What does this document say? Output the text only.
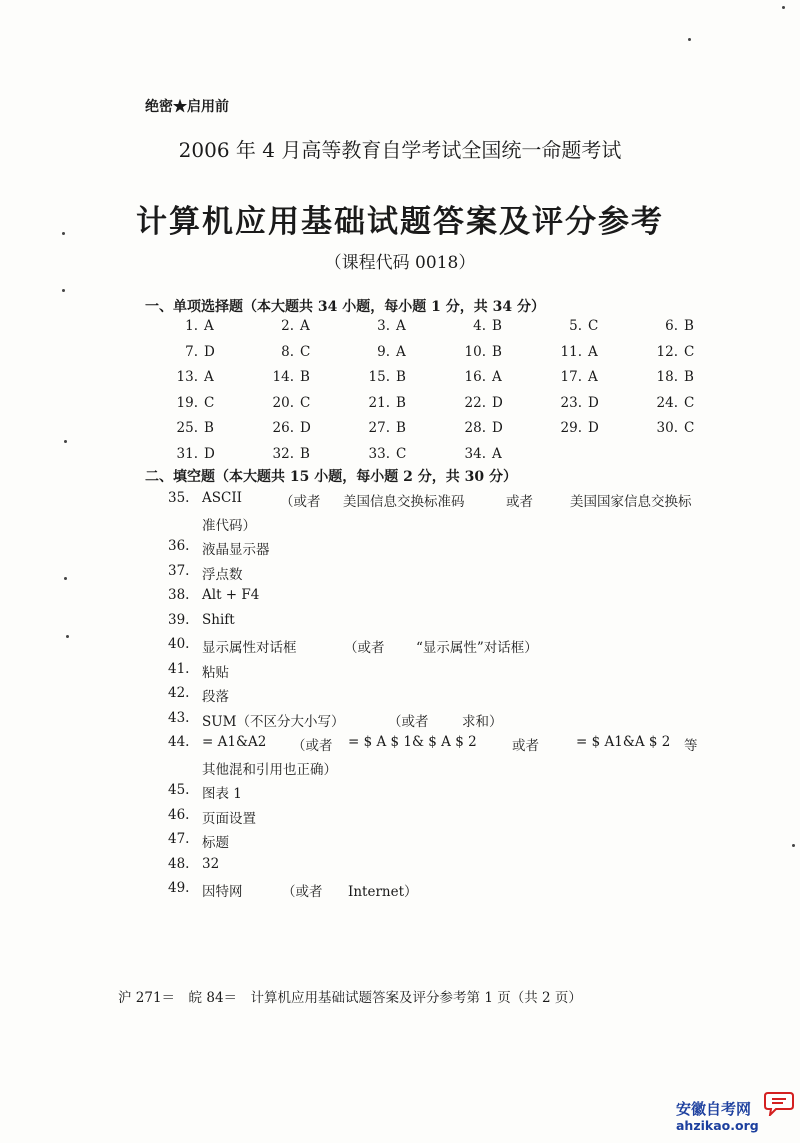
绝密★启用前
2006 年 4 月高等教育自学考试全国统一命题考试
计算机应用基础试题答案及评分参考
（课程代码 0018）
一、单项选择题（本大题共 34 小题，每小题 1 分，共 34 分）
1. A	2. A	3. A	4. B	5. C	6. B
7. D	8. C	9. A	10. B	11. A	12. C
13. A	14. B	15. B	16. A	17. A	18. B
19. C	20. C	21. B	22. D	23. D	24. C
25. B	26. D	27. B	28. D	29. D	30. C
31. D	32. B	33. C	34. A
二、填空题（本大题共 15 小题，每小题 2 分，共 30 分）
35. ASCII	（或者 美国信息交换标准码	或者	美国国家信息交换标
准代码）
36. 液晶显示器
37. 浮点数
38. Alt + F4
39. Shift
40. 显示属性对话框	（或者 “显示属性”对话框）
41. 粘贴
42. 段落
43. SUM（不区分大小写）	（或者 求和）
44. = A1&A2 （或者 = $ A $ 1& $ A $ 2	或者	= $ A1&A $ 2 等
其他混和引用也正确）
45. 图表 1
46. 页面设置
47. 标题
48. 32
49. 因特网	（或者 Internet）
沪 271＝　皖 84＝　计算机应用基础试题答案及评分参考第 1 页（共 2 页）
安徽自考网
ahzikao.org
